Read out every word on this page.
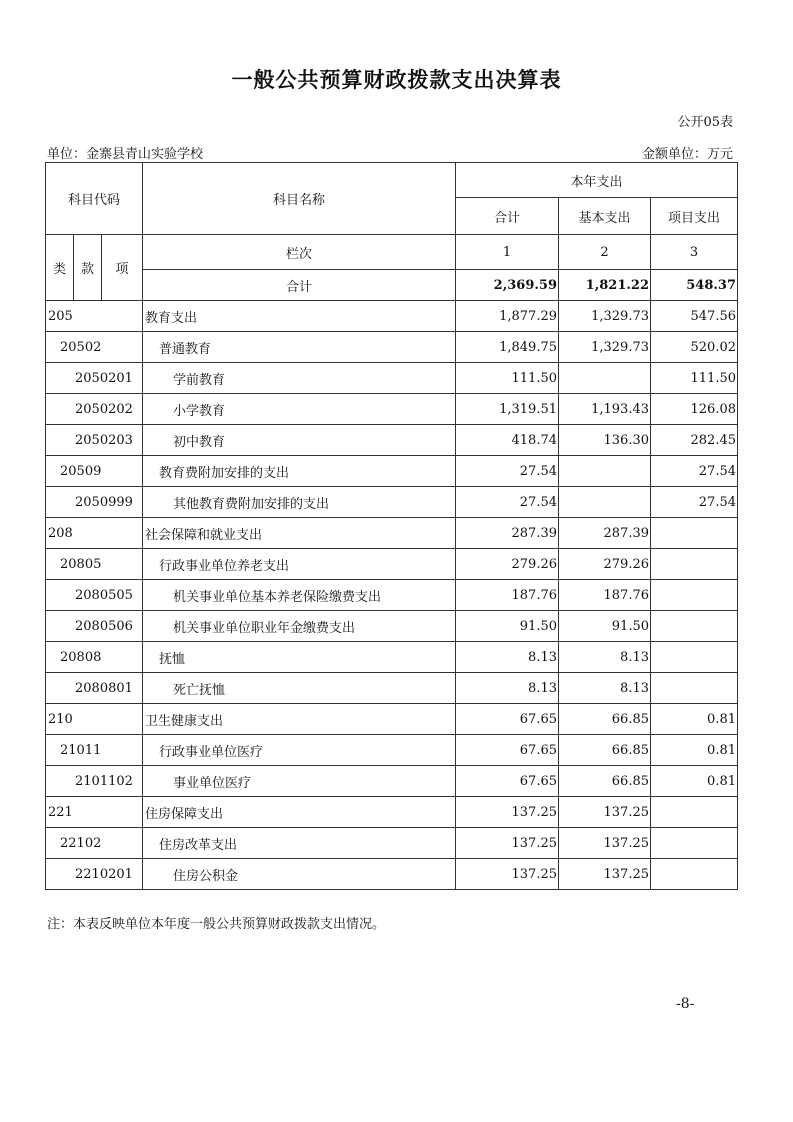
一般公共预算财政拨款支出决算表
公开05表
单位：金寨县青山实验学校	金额单位：万元
科目代码			科目名称	本年支出		
				合计	基本支出	项目支出
类	款	项	栏次	1	2	3
			合计	2,369.59	1,821.22	548.37
205			教育支出	1,877.29	1,329.73	547.56
20502			普通教育	1,849.75	1,329.73	520.02
2050201			学前教育	111.50		111.50
2050202			小学教育	1,319.51	1,193.43	126.08
2050203			初中教育	418.74	136.30	282.45
20509			教育费附加安排的支出	27.54		27.54
2050999			其他教育费附加安排的支出	27.54		27.54
208			社会保障和就业支出	287.39	287.39	
20805			行政事业单位养老支出	279.26	279.26	
2080505			机关事业单位基本养老保险缴费支出	187.76	187.76	
2080506			机关事业单位职业年金缴费支出	91.50	91.50	
20808			抚恤	8.13	8.13	
2080801			死亡抚恤	8.13	8.13	
210			卫生健康支出	67.65	66.85	0.81
21011			行政事业单位医疗	67.65	66.85	0.81
2101102			事业单位医疗	67.65	66.85	0.81
221			住房保障支出	137.25	137.25	
22102			住房改革支出	137.25	137.25	
2210201			住房公积金	137.25	137.25	
注：本表反映单位本年度一般公共预算财政拨款支出情况。
-8-
